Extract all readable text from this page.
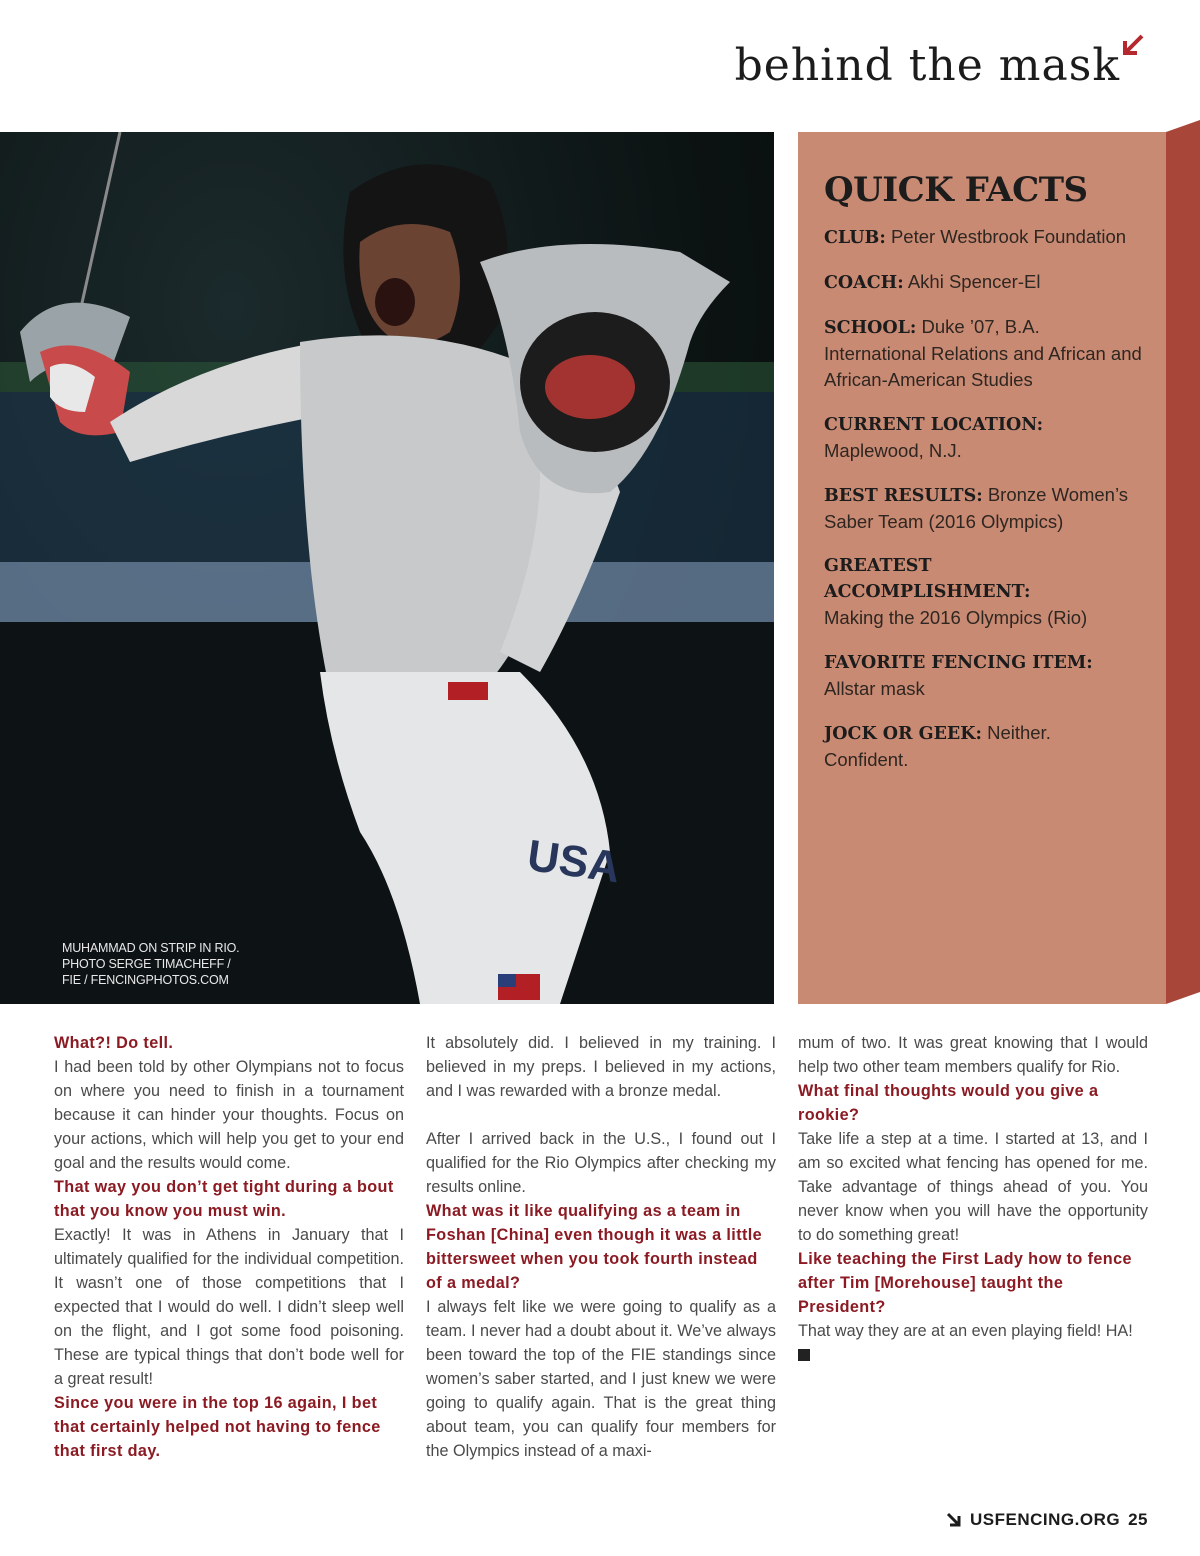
behind the mask
USA
MUHAMMAD ON STRIP IN RIO.
PHOTO SERGE TIMACHEFF /
FIE / FENCINGPHOTOS.COM
QUICK FACTS
CLUB: Peter Westbrook Foundation
COACH: Akhi Spencer-El
SCHOOL: Duke ’07, B.A. International Relations and African and African-American Studies
CURRENT LOCATION:
Maplewood, N.J.
BEST RESULTS: Bronze Women’s Saber Team (2016 Olympics)
GREATEST ACCOMPLISHMENT:
Making the 2016 Olympics (Rio)
FAVORITE FENCING ITEM:
Allstar mask
JOCK OR GEEK: Neither. Confident.
What?! Do tell.
I had been told by other Olympians not to focus on where you need to finish in a tournament because it can hinder your thoughts. Focus on your actions, which will help you get to your end goal and the results would come.
That way you don’t get tight during a bout that you know you must win.
Exactly! It was in Athens in January that I ultimately qualified for the individual competition. It wasn’t one of those competitions that I expected that I would do well. I didn’t sleep well on the flight, and I got some food poisoning. These are typical things that don’t bode well for a great result!
Since you were in the top 16 again, I bet that certainly helped not having to fence that first day.
It absolutely did. I believed in my training. I believed in my preps. I believed in my actions, and I was rewarded with a bronze medal.
After I arrived back in the U.S., I found out I qualified for the Rio Olympics after checking my results online.
What was it like qualifying as a team in Foshan [China] even though it was a little bittersweet when you took fourth instead of a medal?
I always felt like we were going to qualify as a team. I never had a doubt about it. We’ve always been toward the top of the FIE standings since women’s saber started, and I just knew we were going to qualify again. That is the great thing about team, you can qualify four members for the Olympics instead of a maxi-
mum of two. It was great knowing that I would help two other team members qualify for Rio.
What final thoughts would you give a rookie?
Take life a step at a time. I started at 13, and I am so excited what fencing has opened for me. Take advantage of things ahead of you. You never know when you will have the opportunity to do something great!
Like teaching the First Lady how to fence after Tim [Morehouse] taught the President?
That way they are at an even playing field! HA!
USFENCING.ORG 25
